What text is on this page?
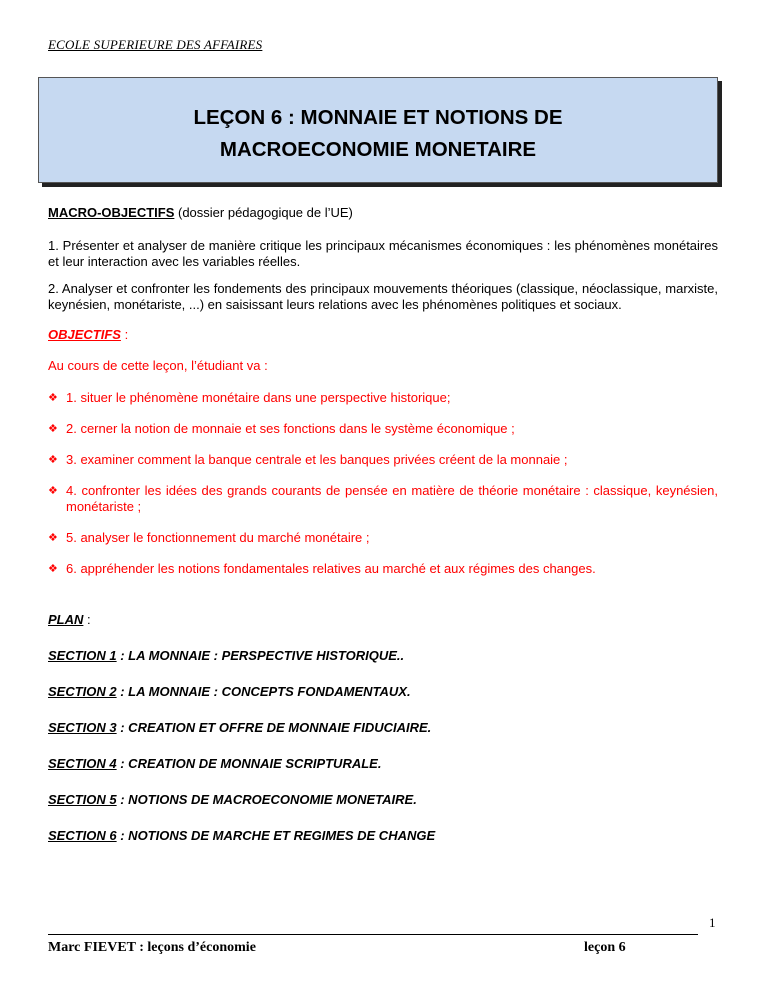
ECOLE SUPERIEURE DES AFFAIRES
LEÇON 6 : MONNAIE ET NOTIONS DE
MACROECONOMIE MONETAIRE

MACRO-OBJECTIFS (dossier pédagogique de l’UE)

1. Présenter et analyser de manière critique les principaux mécanismes économiques : les phénomènes monétaires et leur interaction avec les variables réelles.

2. Analyser et confronter les fondements des principaux mouvements théoriques (classique, néoclassique, marxiste, keynésien, monétariste, ...) en saisissant leurs relations avec les phénomènes politiques et sociaux.

OBJECTIFS :

Au cours de cette leçon, l’étudiant va :

❖ 1. situer le phénomène monétaire dans une perspective historique;
❖ 2. cerner la notion de monnaie et ses fonctions dans le système économique ;
❖ 3. examiner comment la banque centrale et les banques privées créent de la monnaie ;
❖ 4. confronter les idées des grands courants de pensée en matière de théorie monétaire : classique, keynésien, monétariste ;
❖ 5. analyser le fonctionnement du marché monétaire ;
❖ 6. appréhender les notions fondamentales relatives au marché et aux régimes des changes.

PLAN :

SECTION 1 : LA MONNAIE : PERSPECTIVE HISTORIQUE..

SECTION 2 : LA MONNAIE : CONCEPTS FONDAMENTAUX.

SECTION 3 : CREATION ET OFFRE DE MONNAIE FIDUCIAIRE.

SECTION 4 : CREATION DE MONNAIE SCRIPTURALE.

SECTION 5 : NOTIONS DE MACROECONOMIE MONETAIRE.

SECTION 6 : NOTIONS DE MARCHE ET REGIMES DE CHANGE

1
Marc FIEVET : leçons d’économie	leçon 6
